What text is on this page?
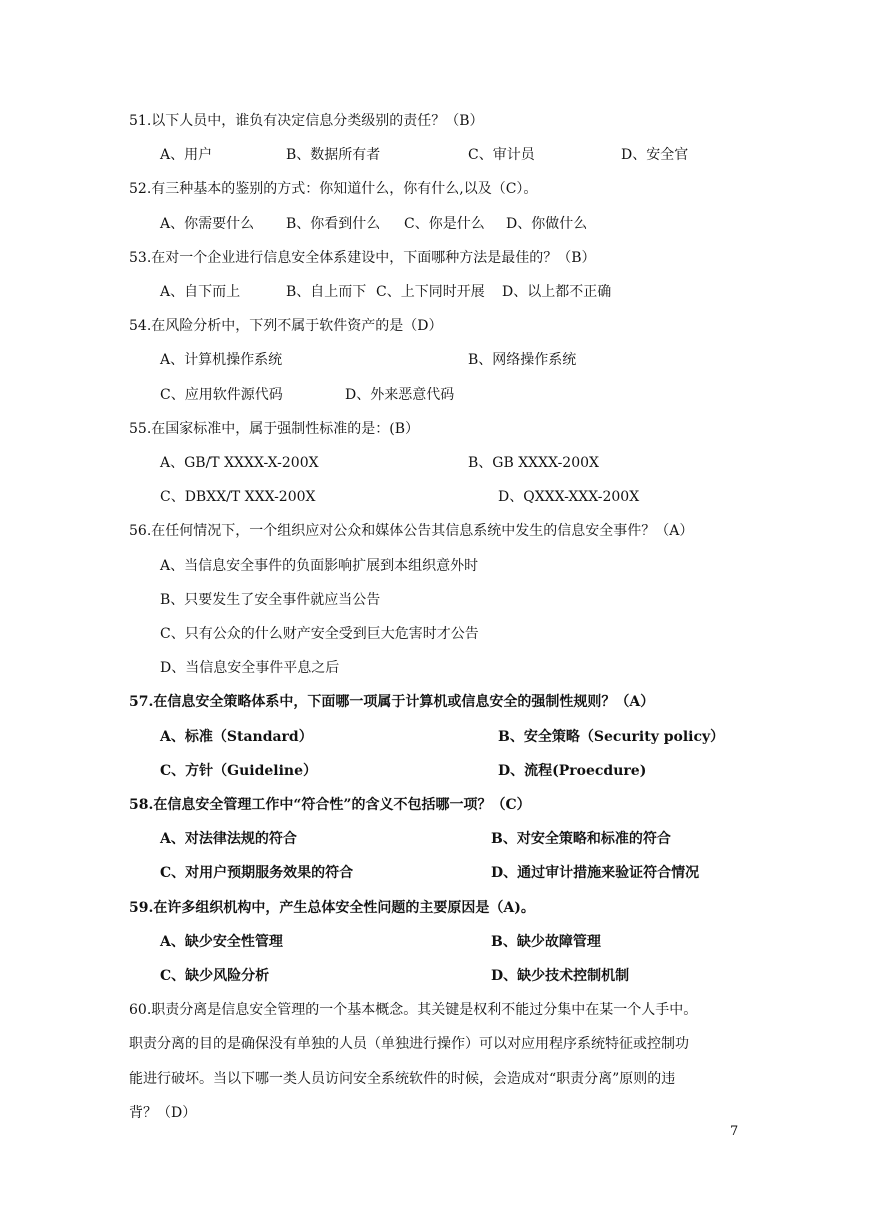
51.以下人员中，谁负有决定信息分类级别的责任？（B）
A、用户	B、数据所有者	C、审计员	D、安全官
52.有三种基本的鉴别的方式：你知道什么，你有什么,以及（C）。
A、你需要什么 B、你看到什么 C、你是什么 D、你做什么
53.在对一个企业进行信息安全体系建设中，下面哪种方法是最佳的？（B）
A、自下而上	B、自上而下 C、上下同时开展 D、以上都不正确
54.在风险分析中，下列不属于软件资产的是（D）
A、计算机操作系统	B、网络操作系统
C、应用软件源代码	D、外来恶意代码
55.在国家标准中，属于强制性标准的是：(B）
A、GB/T XXXX-X-200X	B、GB XXXX-200X
C、DBXX/T XXX-200X	D、QXXX-XXX-200X
56.在任何情况下，一个组织应对公众和媒体公告其信息系统中发生的信息安全事件？（A）
A、当信息安全事件的负面影响扩展到本组织意外时
B、只要发生了安全事件就应当公告
C、只有公众的什么财产安全受到巨大危害时才公告
D、当信息安全事件平息之后
57.在信息安全策略体系中，下面哪一项属于计算机或信息安全的强制性规则？（A）
A、标准（Standard）	B、安全策略（Security policy）
C、方针（Guideline）	D、流程(Proecdure)
58.在信息安全管理工作中“符合性”的含义不包括哪一项？（C）
A、对法律法规的符合	B、对安全策略和标准的符合
C、对用户预期服务效果的符合	D、通过审计措施来验证符合情况
59.在许多组织机构中，产生总体安全性问题的主要原因是（A)。
A、缺少安全性管理	B、缺少故障管理
C、缺少风险分析	D、缺少技术控制机制
60.职责分离是信息安全管理的一个基本概念。其关键是权利不能过分集中在某一个人手中。
职责分离的目的是确保没有单独的人员（单独进行操作）可以对应用程序系统特征或控制功
能进行破坏。当以下哪一类人员访问安全系统软件的时候，会造成对“职责分离”原则的违
背？（D）
7
